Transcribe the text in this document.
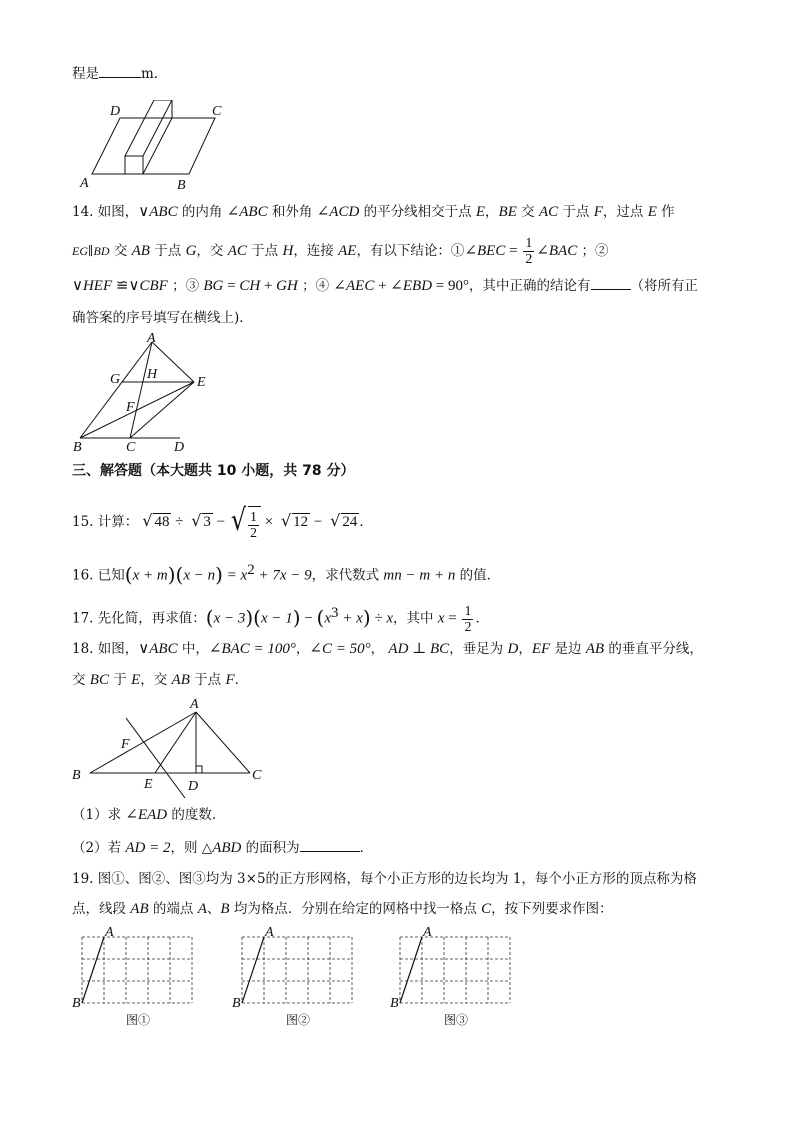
程是	m．
D	C
A	B
14. 如图，∨ABC 的内角 ∠ABC 和外角 ∠ACD 的平分线相交于点 E，BE 交 AC 于点 F，过点 E 作
EG∥BD 交 AB 于点 G，交 AC 于点 H，连接 AE，有以下结论：①∠BEC = $\frac{1}{2}$ ∠BAC ；②
∨HEF ≌∨CBF ；③ BG = CH + GH ；④ ∠AEC + ∠EBD = 90°，其中正确的结论有	（将所有正
确答案的序号填写在横线上)．
A
G H
E
F
B	C	D
三、解答题（本大题共 10 小题，共 78 分）
15. 计算： √ 48 ÷ √ 3 − √ $\frac{1}{2}$ × √ 12 − √ 24 ．
16. 已知$(x + m)(x - n) = x^2 + 7x - 9$，求代数式 mn − m + n 的值．
17. 先化简，再求值：$(x - 3)(x - 1) - (x^3 + x) \div x$，其中 $x = \frac{1}{2}$ ．
18. 如图，∨ABC 中，∠BAC = 100°，∠C = 50°， AD ⊥ BC，垂足为 D，EF 是边 AB 的垂直平分线，
交 BC 于 E，交 AB 于点 F．
A
F
B
E	D
C
（1）求 ∠EAD 的度数．
（2）若 AD = 2，则 △ABD 的面积为	．
19. 图①、图②、图③均为 3×5的正方形网格，每个小正方形的边长均为 1，每个小正方形的顶点称为格
点，线段 AB 的端点 A、B 均为格点．分别在给定的网格中找一格点 C，按下列要求作图：
A
B
图①
A
B
图②
A
B
图③
